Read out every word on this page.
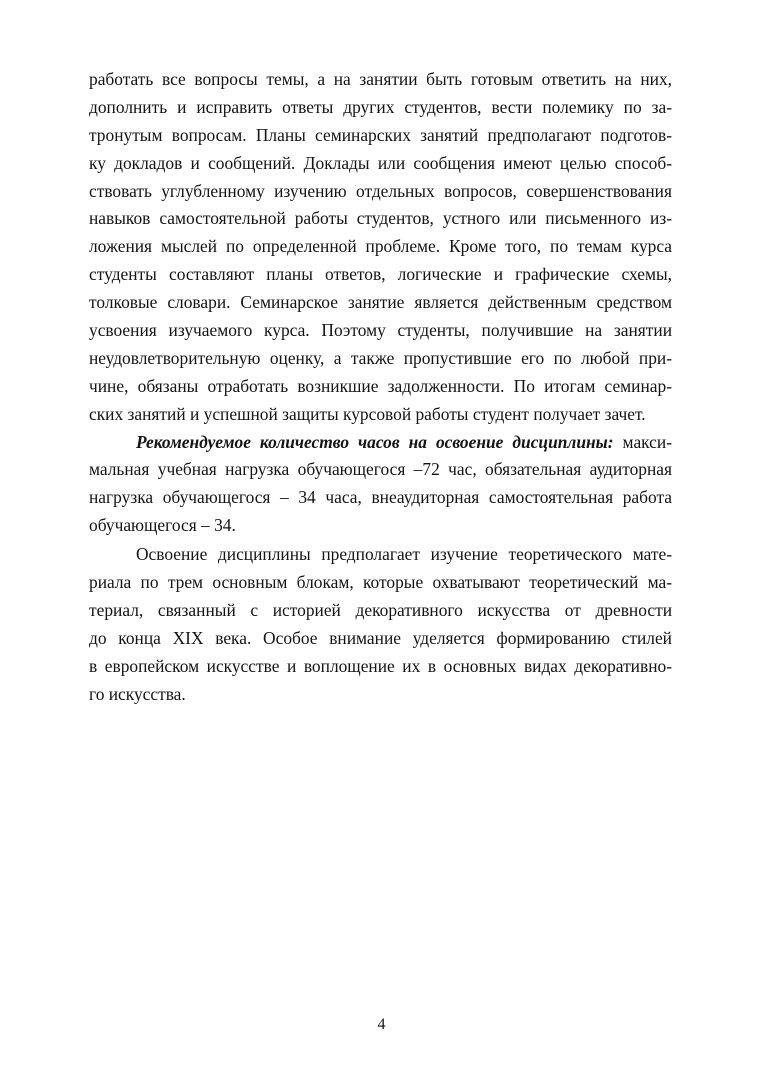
работать все вопросы темы, а на занятии быть готовым ответить на них,
дополнить и исправить ответы других студентов, вести полемику по за-
тронутым вопросам. Планы семинарских занятий предполагают подготов-
ку докладов и сообщений. Доклады или сообщения имеют целью способ-
ствовать углубленному изучению отдельных вопросов, совершенствования
навыков самостоятельной работы студентов, устного или письменного из-
ложения мыслей по определенной проблеме. Кроме того, по темам курса
студенты составляют планы ответов, логические и графические схемы,
толковые словари. Семинарское занятие является действенным средством
усвоения изучаемого курса. Поэтому студенты, получившие на занятии
неудовлетворительную оценку, а также пропустившие его по любой при-
чине, обязаны отработать возникшие задолженности. По итогам семинар-
ских занятий и успешной защиты курсовой работы студент получает зачет.
Рекомендуемое количество часов на освоение дисциплины: макси-
мальная учебная нагрузка обучающегося –72 час, обязательная аудиторная
нагрузка обучающегося – 34 часа, внеаудиторная самостоятельная работа
обучающегося – 34.
Освоение дисциплины предполагает изучение теоретического мате-
риала по трем основным блокам, которые охватывают теоретический ма-
териал, связанный с историей декоративного искусства от древности
до конца XIX века. Особое внимание уделяется формированию стилей
в европейском искусстве и воплощение их в основных видах декоративно-
го искусства.
4
